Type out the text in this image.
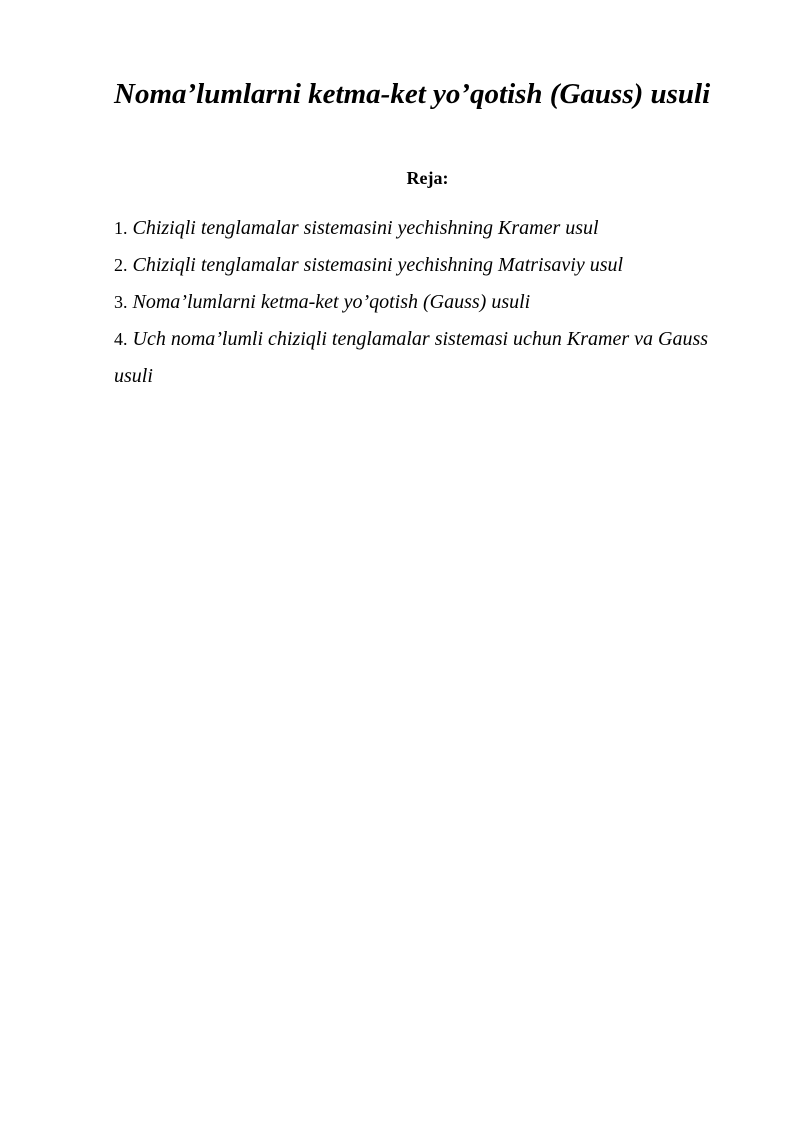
Noma’lumlarni ketma-ket yo’qotish (Gauss) usuli

Reja:

1. Chiziqli tenglamalar sistemasini yechishning Kramer usul
2. Chiziqli tenglamalar sistemasini yechishning Matrisaviy usul
3. Noma’lumlarni ketma-ket yo’qotish (Gauss) usuli
4. Uch noma’lumli chiziqli tenglamalar sistemasi uchun Kramer va Gauss usuli
